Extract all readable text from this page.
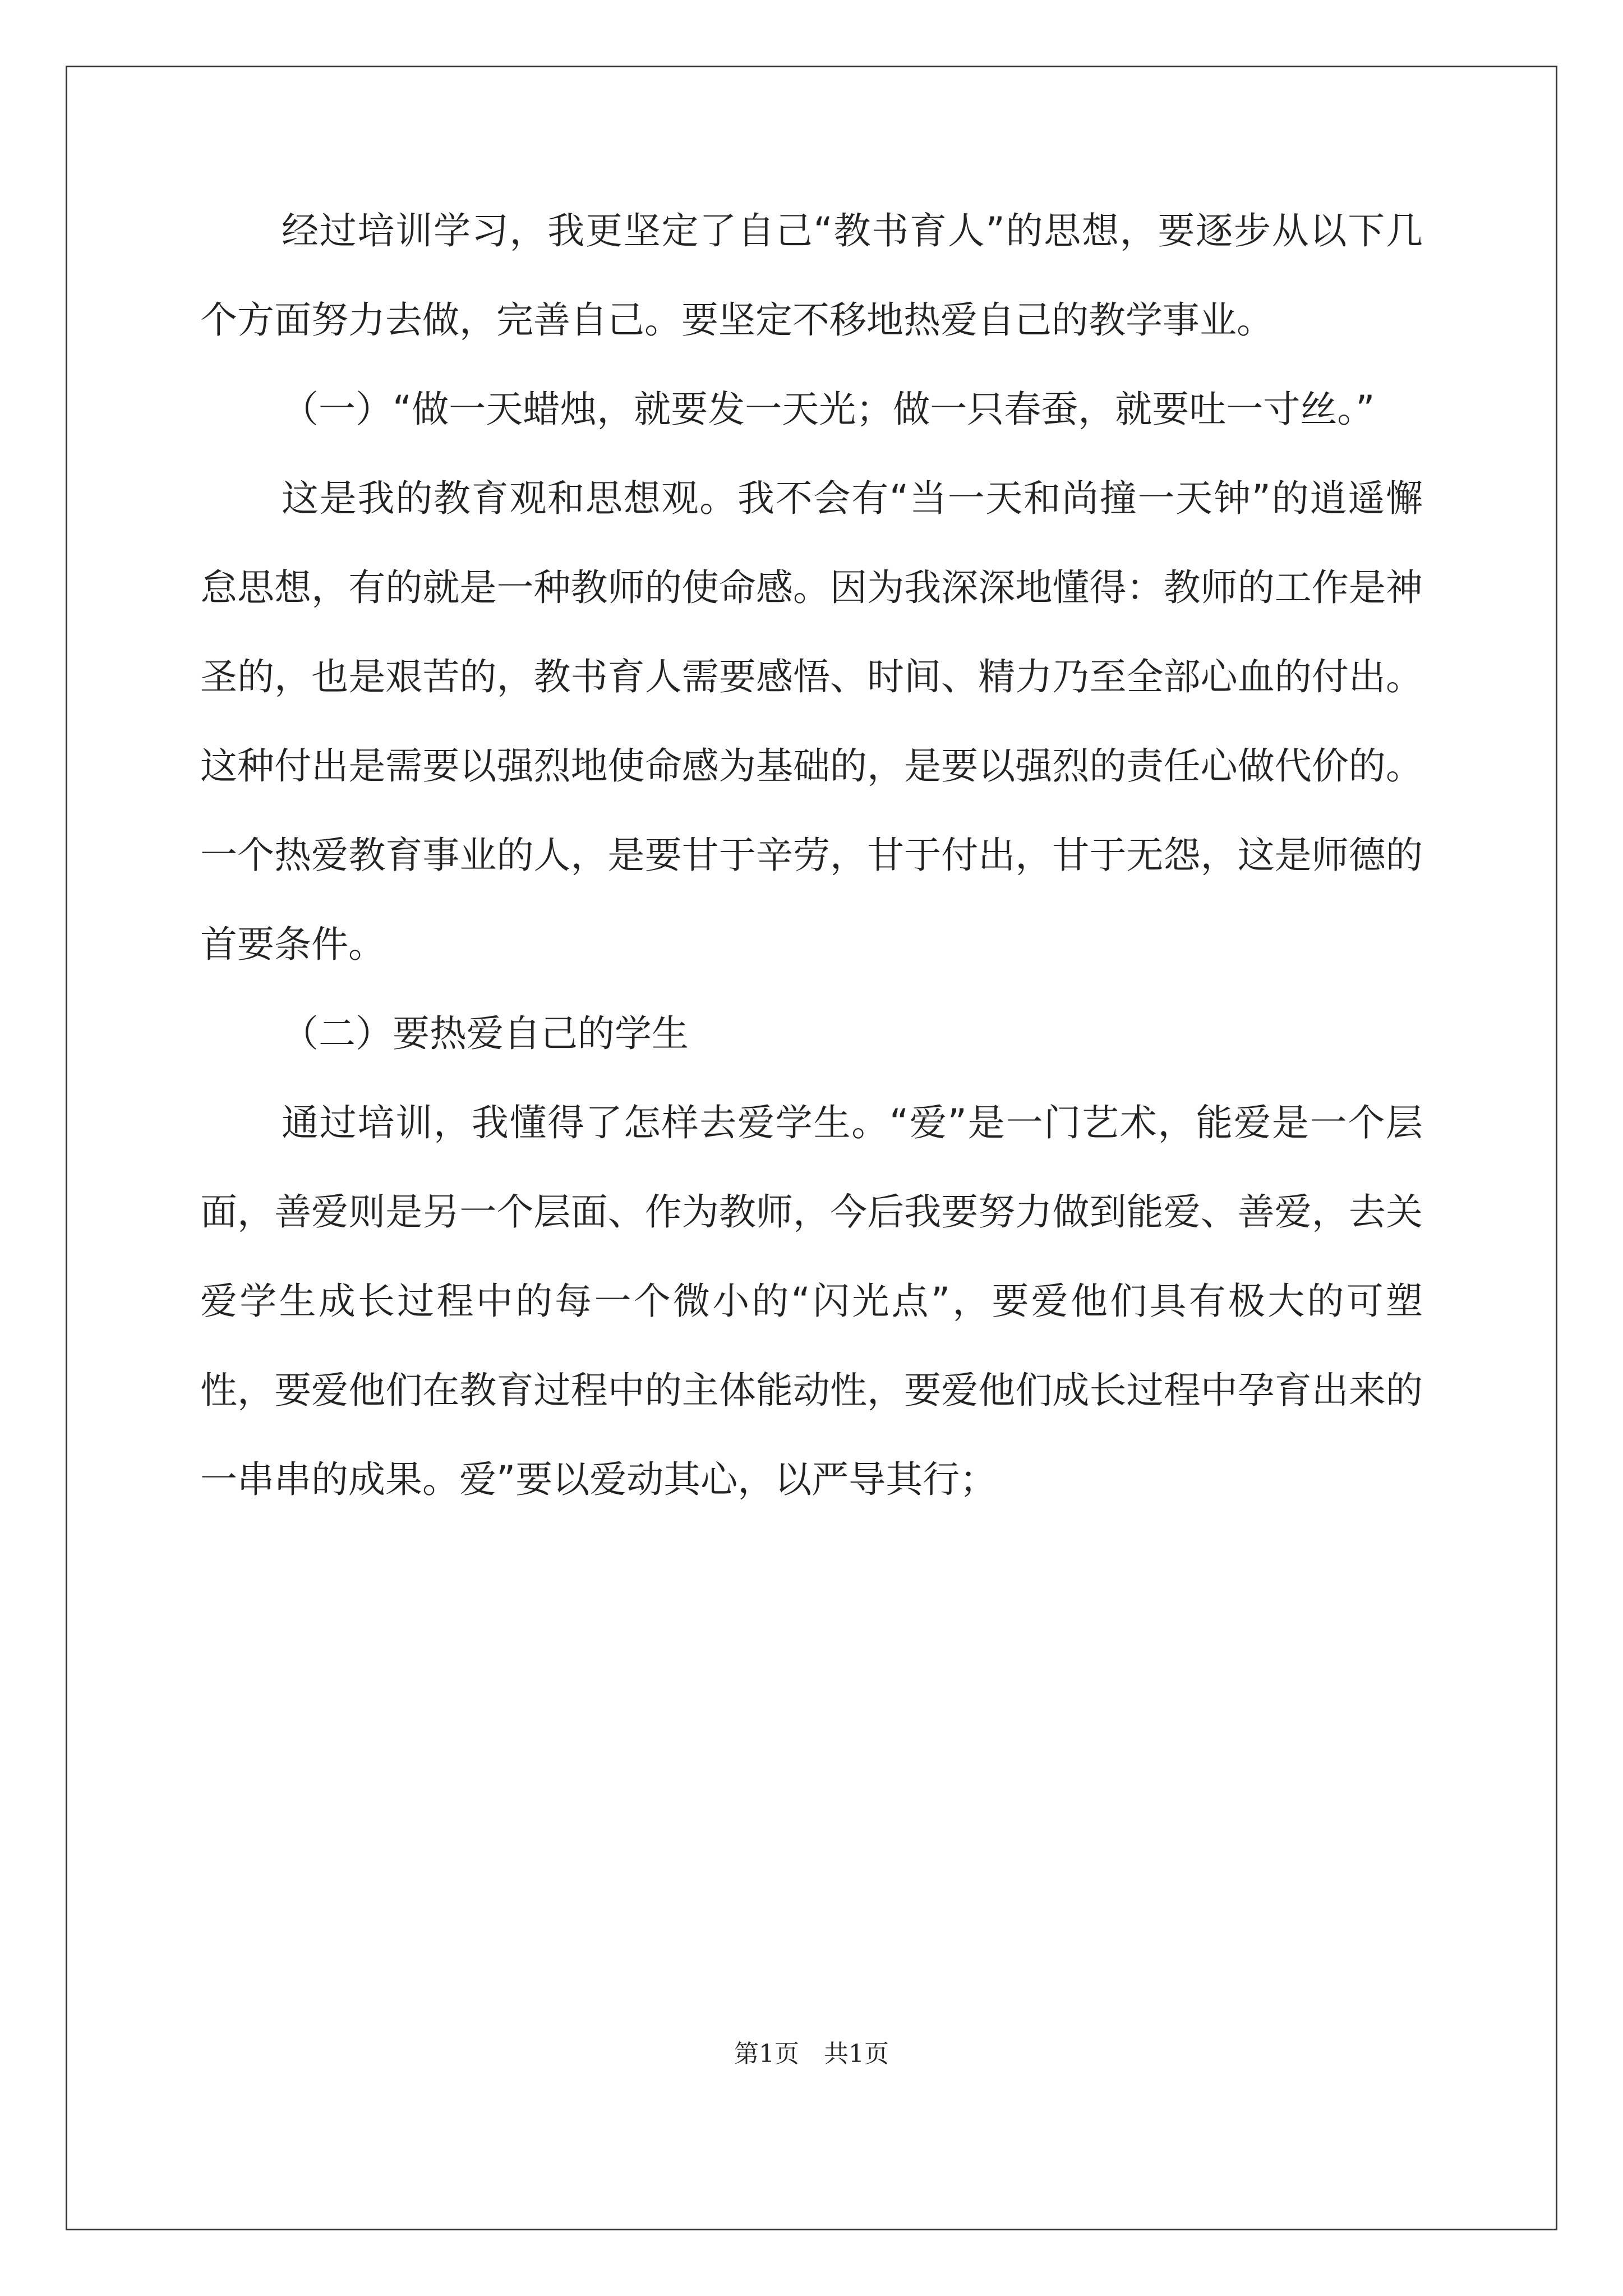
经过培训学习，我更坚定了自己“教书育人”的思想，要逐步从以下几个方面努力去做，完善自己。要坚定不移地热爱自己的教学事业。

（一）“做一天蜡烛，就要发一天光；做一只春蚕，就要吐一寸丝。”

这是我的教育观和思想观。我不会有“当一天和尚撞一天钟”的逍遥懈怠思想，有的就是一种教师的使命感。因为我深深地懂得：教师的工作是神圣的，也是艰苦的，教书育人需要感悟、时间、精力乃至全部心血的付出。这种付出是需要以强烈地使命感为基础的，是要以强烈的责任心做代价的。一个热爱教育事业的人，是要甘于辛劳，甘于付出，甘于无怨，这是师德的首要条件。

（二）要热爱自己的学生

通过培训，我懂得了怎样去爱学生。“爱”是一门艺术，能爱是一个层面，善爱则是另一个层面、作为教师，今后我要努力做到能爱、善爱，去关爱学生成长过程中的每一个微小的“闪光点”，要爱他们具有极大的可塑性，要爱他们在教育过程中的主体能动性，要爱他们成长过程中孕育出来的一串串的成果。爱”要以爱动其心，以严导其行；

第1页　共1页
